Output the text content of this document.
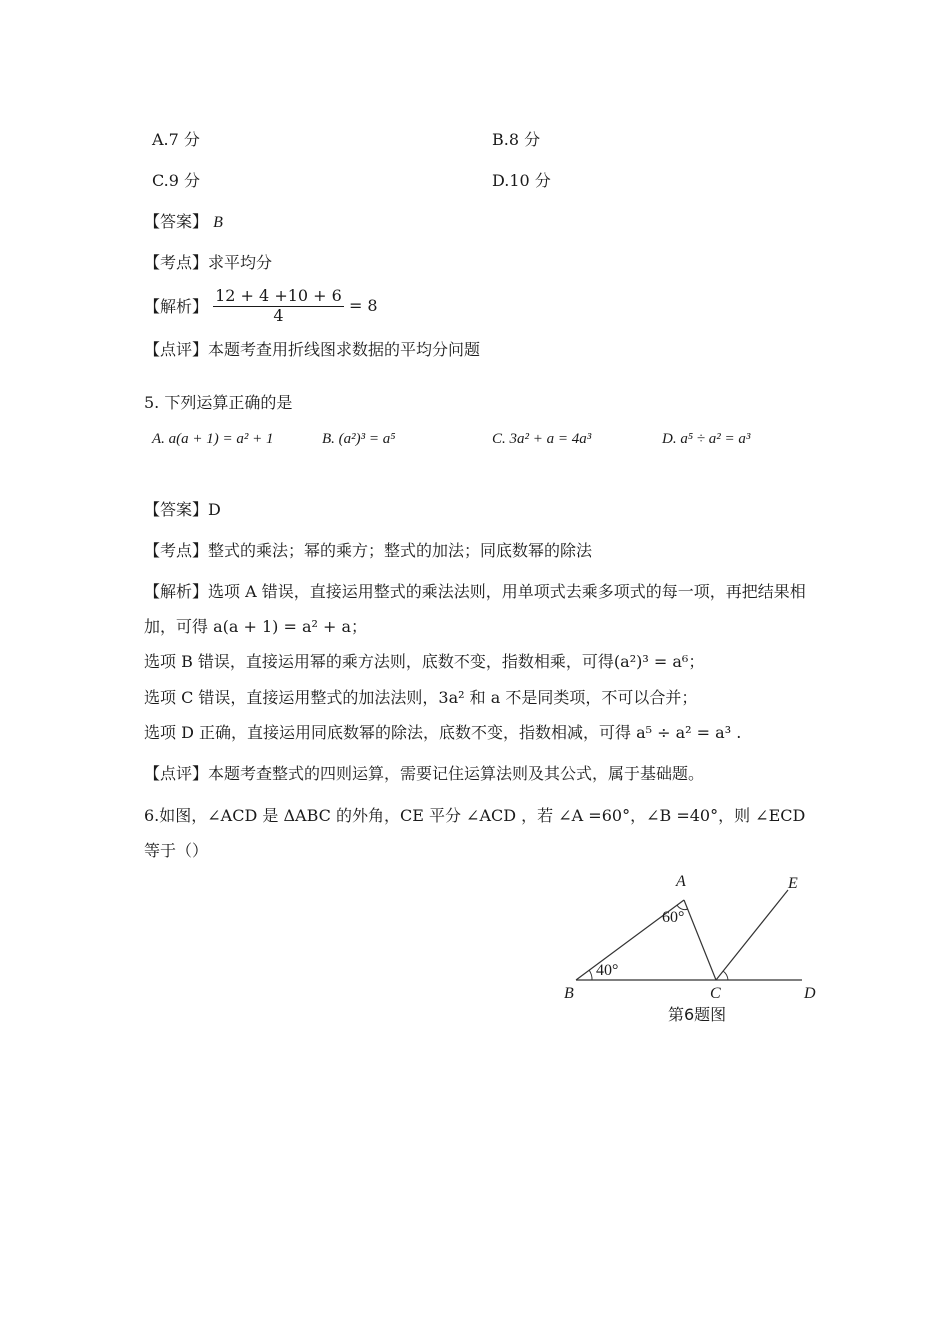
A.7 分	B.8 分
C.9 分	D.10 分
【答案】 B
【考点】求平均分
【解析】 $\frac{12 + 4 +10 + 6}{4} = 8$
【点评】本题考查用折线图求数据的平均分问题
5. 下列运算正确的是
A. a(a + 1) = a² + 1	B. (a²)³ = a⁵	C. 3a² + a = 4a³	D. a⁵ ÷ a² = a³
【答案】D
【考点】整式的乘法；幂的乘方；整式的加法；同底数幂的除法
【解析】选项 A 错误，直接运用整式的乘法法则，用单项式去乘多项式的每一项，再把结果相
加，可得 a(a + 1) = a² + a；
选项 B 错误，直接运用幂的乘方法则，底数不变，指数相乘，可得(a²)³ = a⁶；
选项 C 错误，直接运用整式的加法法则，3a² 和 a 不是同类项，不可以合并；
选项 D 正确，直接运用同底数幂的除法，底数不变，指数相减，可得 a⁵ ÷ a² = a³ .
【点评】本题考查整式的四则运算，需要记住运算法则及其公式，属于基础题。
6.如图，∠ACD 是 ΔABC 的外角，CE 平分 ∠ACD ，若 ∠A =60°，∠B =40°，则 ∠ECD
等于（）
A
B	C	D
E
60°
40°
第6题图
